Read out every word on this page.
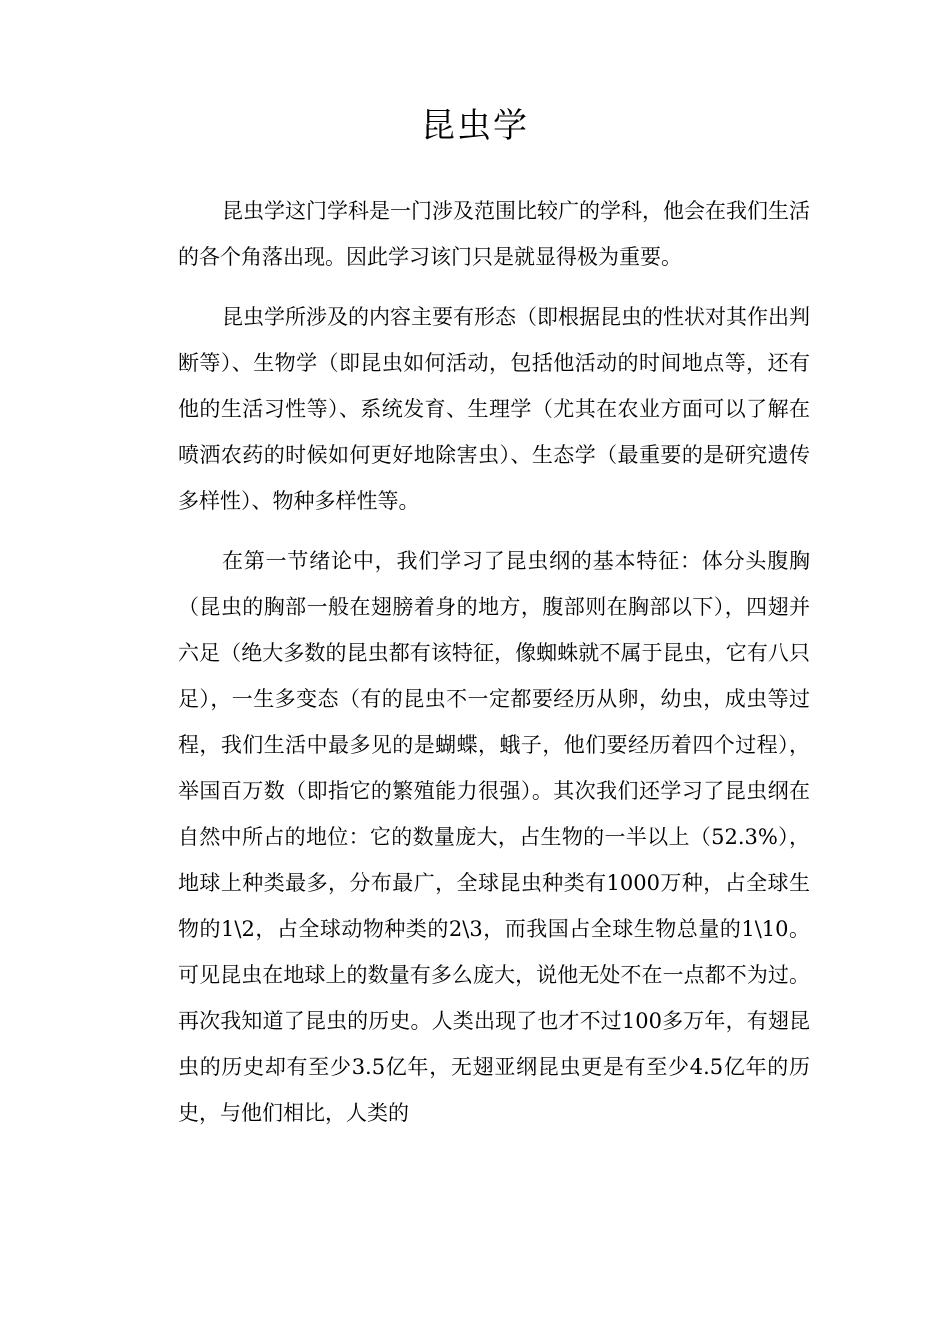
昆虫学

昆虫学这门学科是一门涉及范围比较广的学科，他会在我们生活的各个角落出现。因此学习该门只是就显得极为重要。

昆虫学所涉及的内容主要有形态（即根据昆虫的性状对其作出判断等）、生物学（即昆虫如何活动，包括他活动的时间地点等，还有他的生活习性等）、系统发育、生理学（尤其在农业方面可以了解在喷洒农药的时候如何更好地除害虫）、生态学（最重要的是研究遗传多样性）、物种多样性等。

在第一节绪论中，我们学习了昆虫纲的基本特征：体分头腹胸（昆虫的胸部一般在翅膀着身的地方，腹部则在胸部以下），四翅并六足（绝大多数的昆虫都有该特征，像蜘蛛就不属于昆虫，它有八只足），一生多变态（有的昆虫不一定都要经历从卵，幼虫，成虫等过程，我们生活中最多见的是蝴蝶，蛾子，他们要经历着四个过程），举国百万数（即指它的繁殖能力很强）。其次我们还学习了昆虫纲在自然中所占的地位：它的数量庞大，占生物的一半以上（52.3%），地球上种类最多，分布最广，全球昆虫种类有1000万种，占全球生物的1\2，占全球动物种类的2\3，而我国占全球生物总量的1\10。可见昆虫在地球上的数量有多么庞大，说他无处不在一点都不为过。再次我知道了昆虫的历史。人类出现了也才不过100多万年，有翅昆虫的历史却有至少3.5亿年，无翅亚纲昆虫更是有至少4.5亿年的历史，与他们相比，人类的
